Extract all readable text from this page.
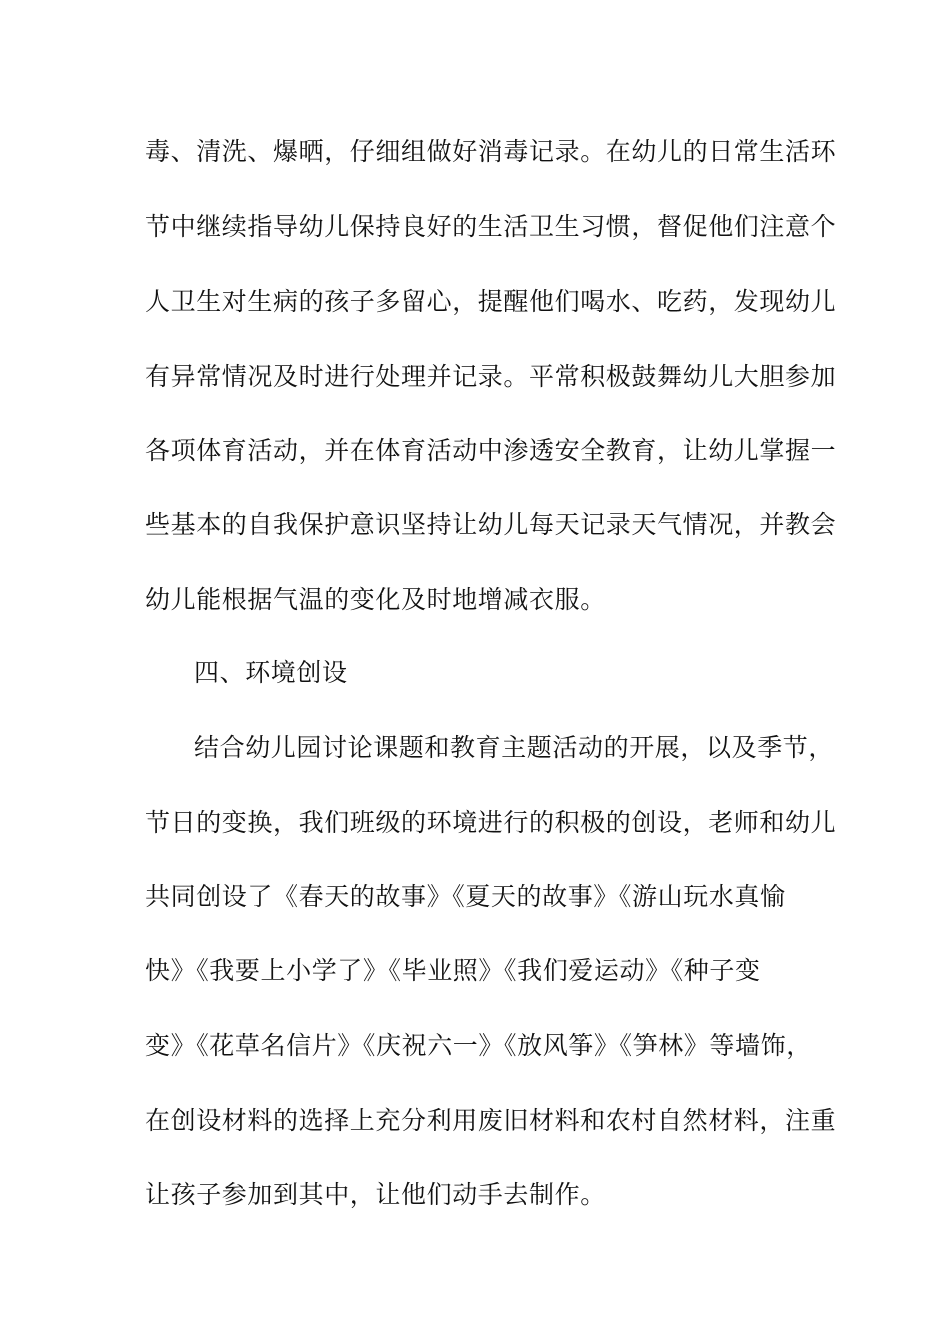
毒、清洗、爆晒，仔细组做好消毒记录。在幼儿的日常生活环
节中继续指导幼儿保持良好的生活卫生习惯，督促他们注意个
人卫生对生病的孩子多留心，提醒他们喝水、吃药，发现幼儿
有异常情况及时进行处理并记录。平常积极鼓舞幼儿大胆参加
各项体育活动，并在体育活动中渗透安全教育，让幼儿掌握一
些基本的自我保护意识坚持让幼儿每天记录天气情况，并教会
幼儿能根据气温的变化及时地增减衣服。
四、环境创设
结合幼儿园讨论课题和教育主题活动的开展，以及季节，
节日的变换，我们班级的环境进行的积极的创设，老师和幼儿
共同创设了《春天的故事》《夏天的故事》《游山玩水真愉
快》《我要上小学了》《毕业照》《我们爱运动》《种子变
变》《花草名信片》《庆祝六一》《放风筝》《笋林》等墙饰，
在创设材料的选择上充分利用废旧材料和农村自然材料，注重
让孩子参加到其中，让他们动手去制作。
